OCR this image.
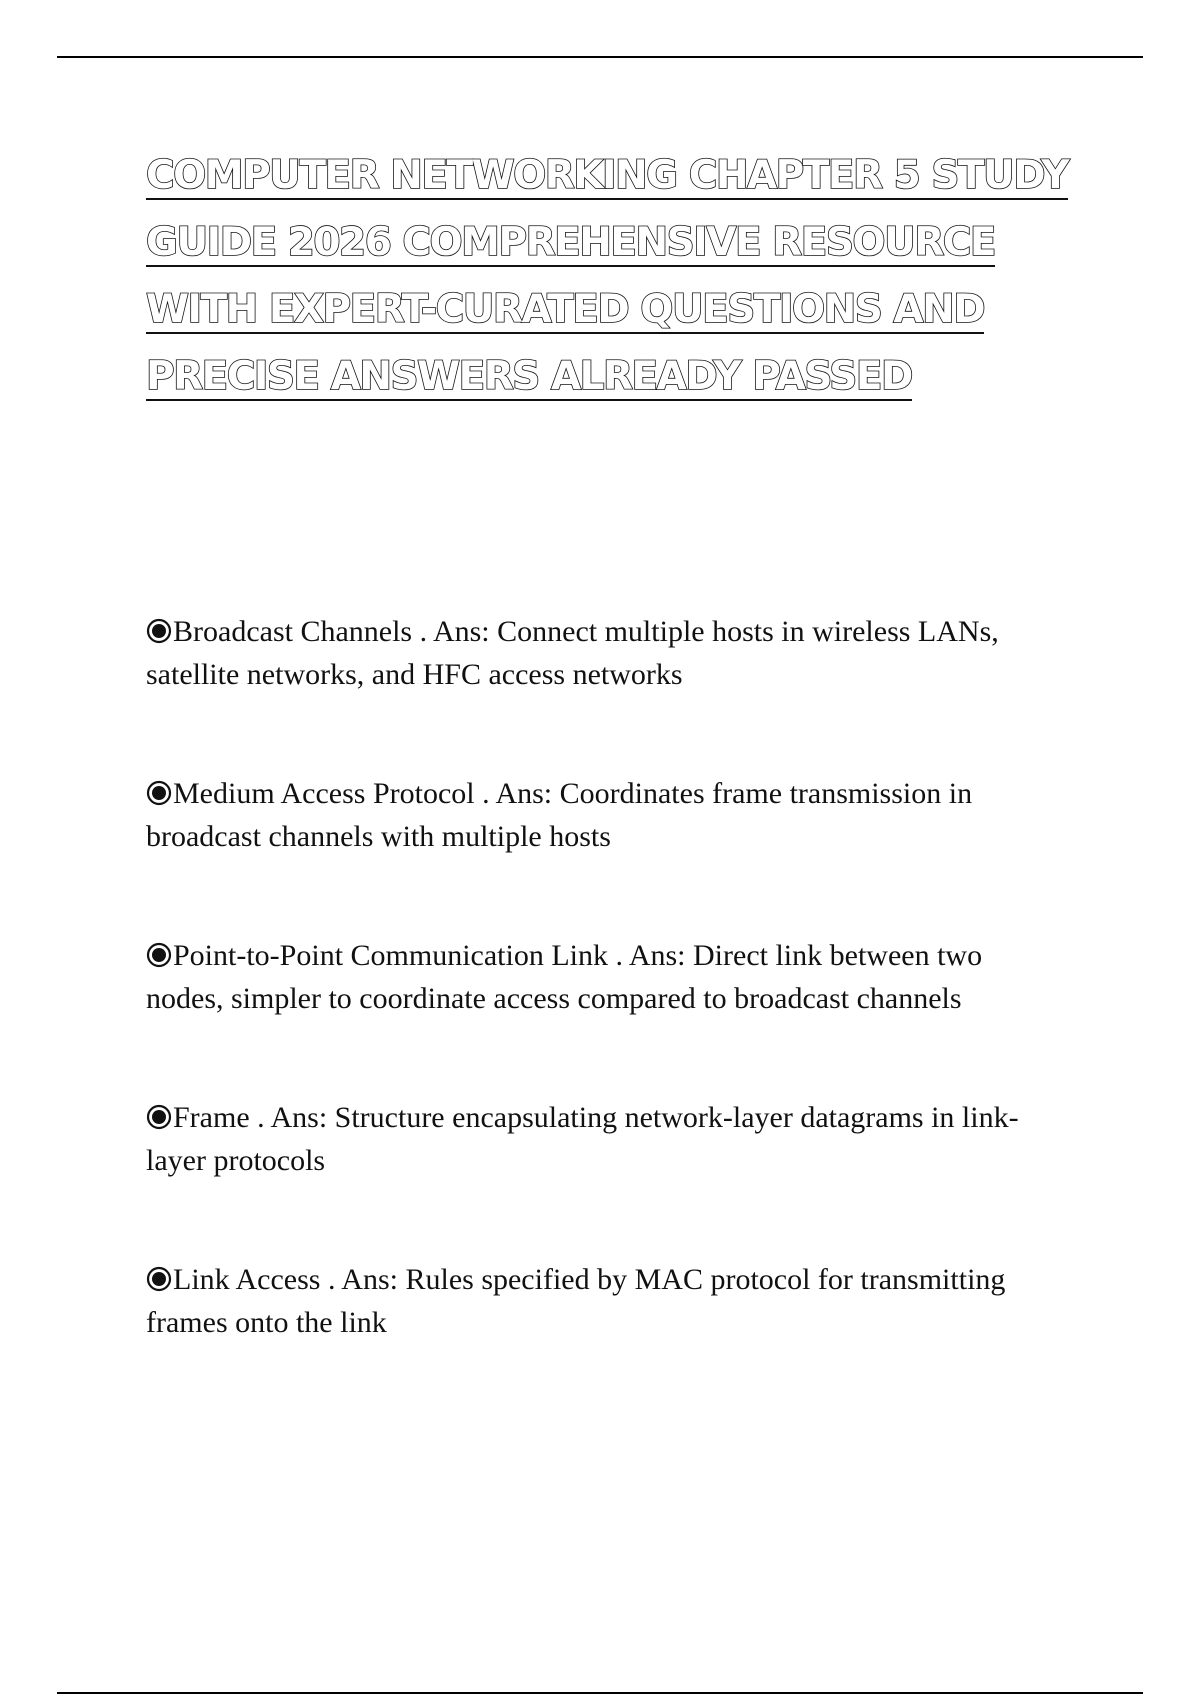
COMPUTER NETWORKING CHAPTER 5 STUDY
GUIDE 2026 COMPREHENSIVE RESOURCE
WITH EXPERT-CURATED QUESTIONS AND
PRECISE ANSWERS ALREADY PASSED
Broadcast Channels . Ans: Connect multiple hosts in wireless LANs,
satellite networks, and HFC access networks
Medium Access Protocol . Ans: Coordinates frame transmission in
broadcast channels with multiple hosts
Point-to-Point Communication Link . Ans: Direct link between two
nodes, simpler to coordinate access compared to broadcast channels
Frame . Ans: Structure encapsulating network-layer datagrams in link-
layer protocols
Link Access . Ans: Rules specified by MAC protocol for transmitting
frames onto the link
